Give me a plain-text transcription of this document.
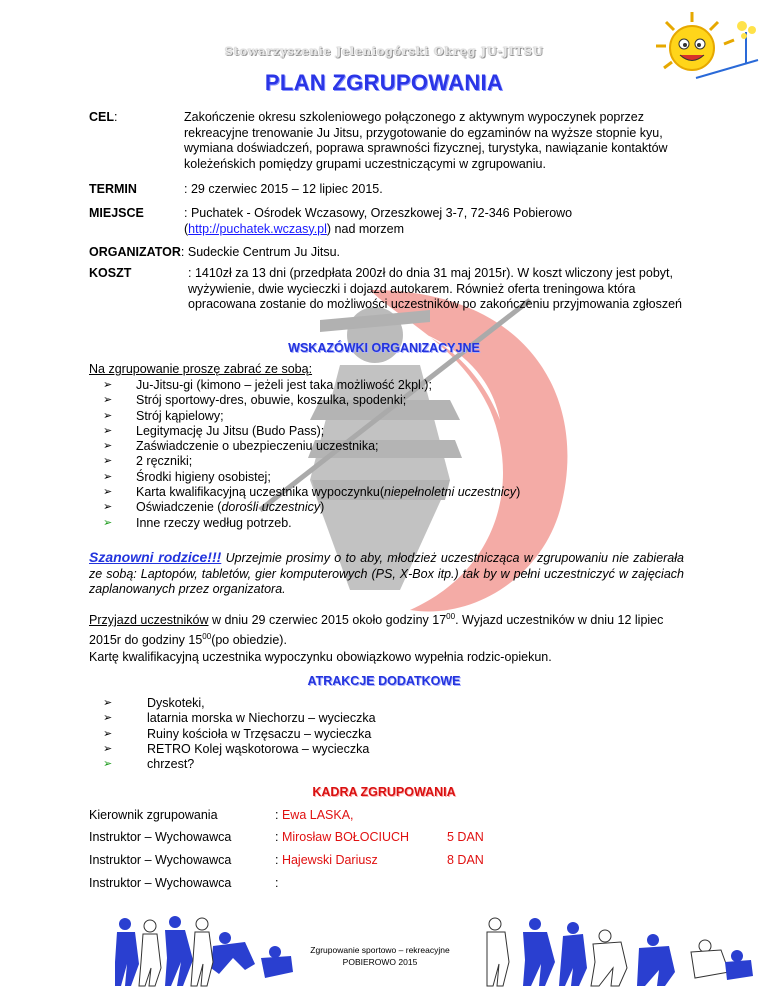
Stowarzyszenie Jeleniogórski Okręg JU-JITSU
PLAN ZGRUPOWANIA
CEL:	Zakończenie okresu szkoleniowego połączonego z aktywnym wypoczynek poprzez rekreacyjne trenowanie Ju Jitsu, przygotowanie do egzaminów na wyższe stopnie kyu, wymiana doświadczeń, poprawa sprawności fizycznej, turystyka, nawiązanie kontaktów koleżeńskich pomiędzy grupami uczestniczącymi w zgrupowaniu.
TERMIN	: 29 czerwiec 2015 – 12 lipiec 2015.
MIEJSCE	: Puchatek - Ośrodek Wczasowy, Orzeszkowej 3-7, 72-346 Pobierowo
(http://puchatek.wczasy.pl) nad morzem
ORGANIZATOR: Sudeckie Centrum Ju Jitsu.
KOSZT	: 1410zł za 13 dni (przedpłata 200zł do dnia 31 maj 2015r). W koszt wliczony jest pobyt, wyżywienie, dwie wycieczki i dojazd autokarem. Również oferta treningowa która opracowana zostanie do możliwości uczestników po zakończeniu przyjmowania zgłoszeń
WSKAZÓWKI ORGANIZACYJNE
Na zgrupowanie proszę zabrać ze sobą:
➢ Ju-Jitsu-gi (kimono – jeżeli jest taka możliwość 2kpl.);
➢ Strój sportowy-dres, obuwie, koszulka, spodenki;
➢ Strój kąpielowy;
➢ Legitymację Ju Jitsu (Budo Pass);
➢ Zaświadczenie o ubezpieczeniu uczestnika;
➢ 2 ręczniki;
➢ Środki higieny osobistej;
➢ Karta kwalifikacyjną uczestnika wypoczynku(niepełnoletni uczestnicy)
➢ Oświadczenie (dorośli uczestnicy)
➢ Inne rzeczy według potrzeb.
Szanowni rodzice!!! Uprzejmie prosimy o to aby, młodzież uczestnicząca w zgrupowaniu nie zabierała ze sobą: Laptopów, tabletów, gier komputerowych (PS, X-Box itp.) tak by w pełni uczestniczyć w zajęciach zaplanowanych przez organizatora.
Przyjazd uczestników w dniu 29 czerwiec 2015 około godziny $17^{00}$. Wyjazd uczestników w dniu 12 lipiec 2015r do godziny $15^{00}(po$ obiedzie).
Kartę kwalifikacyjną uczestnika wypoczynku obowiązkowo wypełnia rodzic-opiekun.
ATRAKCJE DODATKOWE
➢	Dyskoteki,
➢	latarnia morska w Niechorzu – wycieczka
➢	Ruiny kościoła w Trzęsaczu – wycieczka
➢	RETRO Kolej wąskotorowa – wycieczka
➢	chrzest?
KADRA ZGRUPOWANIA
Kierownik zgrupowania	: Ewa LASKA,
Instruktor – Wychowawca	: Mirosław BOŁOCIUCH	5 DAN
Instruktor – Wychowawca	: Hajewski Dariusz	8 DAN
Instruktor – Wychowawca	:
Zgrupowanie sportowo – rekreacyjne
POBIEROWO 2015
